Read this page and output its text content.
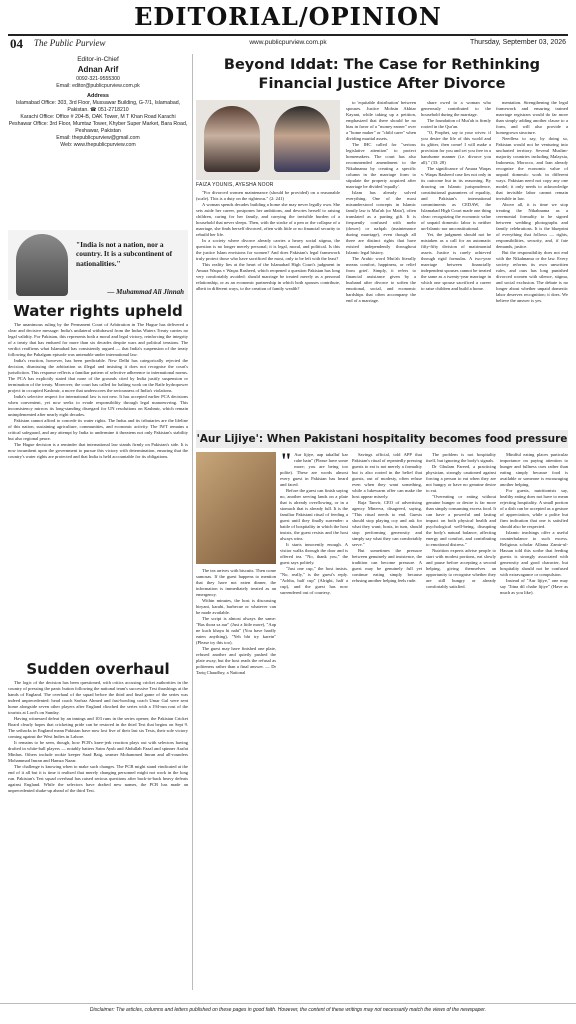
EDITORIAL/OPINION
04 The Public Purview	www.publicpurview.com.pk	Thursday, September 03, 2026

Editor-in-Chief

Adnan Arif

0092-321-9555300

Email: editor@publicpurview.com.pk

Address

Islamabad Office: 303, 3rd Floor, Mussawar Building, G-7/1, Islamabad, Pakistan. ☎ 051-2718210

Karachi Office: Office # 204-B, OAK Tower, M T Khan Road Karachi

Peshawar Office: 3rd Floor, Mumtaz Tower, Khyber Super Market, Bara Road, Peshawar, Pakistan

Email: thepublicpurview@gmail.com

Web: www.thepublicpurview.com

"India is not a nation, nor a country. It is a subcontinent of nationalities."
— Muhammad Ali Jinnah
Water rights upheld

The unanimous ruling by the Permanent Court of Arbitration in The Hague has delivered a clear and decisive message: India's unilateral withdrawal from the Indus Waters Treaty carries no legal validity. For Pakistan, this represents both a moral and legal victory, reinforcing the integrity of a treaty that has endured for more than six decades despite wars and political tensions. The verdict reaffirms what Islamabad has consistently argued — that India's suspension of the treaty following the Pahalgam episode was untenable under international law.

India's reaction, however, has been predictable. New Delhi has categorically rejected the decision, dismissing the arbitration as illegal and insisting it does not recognise the court's jurisdiction. This response reflects a familiar pattern of selective adherence to international norms. The PCA has explicitly stated that none of the grounds cited by India justify suspension or termination of the treaty. Moreover, the court has called for halting work on the Ratle hydropower project in occupied Kashmir, a move that underscores the seriousness of India's violations.

India's selective respect for international law is not new. It has accepted earlier PCA decisions when convenient, yet now seeks to evade responsibility through legal manoeuvring. This inconsistency mirrors its long-standing disregard for UN resolutions on Kashmir, which remain unimplemented after nearly eight decades.

Pakistan cannot afford to concede its water rights. The Indus and its tributaries are the lifeline of this nation, sustaining agriculture, communities, and economic activity. The IWT remains a critical safeguard, and any attempt by India to undermine it threatens not only Pakistan's stability but also regional peace.

The Hague decision is a reminder that international law stands firmly on Pakistan's side. It is now incumbent upon the government to pursue this victory with determination, ensuring that the country's water rights are protected and that India is held accountable for its obligations.

Sudden overhaul

The logic of the decision has been questioned, with critics accusing cricket authorities in the country of pressing the panic button following the national team's successive Test thrashings at the hands of England. The overhaul of the squad before the third and final game of the series was indeed unprecedented: head coach Sarfraz Ahmed and fast-bowling coach Umar Gul were sent home alongside seven other players after England clinched the series with a 194-run rout of the tourists at Lord's on Sunday.

Having witnessed defeat by an innings and 103 runs in the series opener, the Pakistan Cricket Board clearly hopes that cricketing pride can be restored in the third Test that begins on Sept 9. The setbacks in England mean Pakistan have now lost five of their last six Tests, their sole victory coming against the West Indies in Lahore.

It remains to be seen, though, how PCB's knee-jerk reaction plays out with selectors having drafted in white-ball players — notably batters Saim Ayub and Abdullah Fazal and spinner Arafat Minhas. Others include rookie keeper Saad Baig, seamer Mohammed Imran and all-rounders Mohammad Imran and Hamza Nazar.

The challenge is knowing when to make such changes. The PCB might stand vindicated at the end of it all but it is time it realised that merely changing personnel might not work in the long run. Pakistan's Test squad overhaul has raised serious questions after back-to-back heavy defeats against England. While the selectors have drafted new names, the PCB has made an unprecedented shake-up ahead of the third Test.

Beyond Iddat: The Case for Rethinking Financial Justice After Divorce
FAIZA YOUNIS, AYESHA NOOR

"For divorced women maintenance (should be provided) on a reasonable (scale). This is a duty on the righteous." (2: 241)

A woman spends decades building a home she may never legally own. She sets aside her career, postpones her ambitions, and devotes herself to raising children, caring for her family, and carrying the invisible burden of a household that never sleeps. Then, with the stroke of a pen or the collapse of a marriage, she finds herself divorced, often with little or no financial security to rebuild her life.

In a society where divorce already carries a heavy social stigma, the question is no longer merely personal; it is legal, moral, and political. Is this the justice Islam envisions for women? And does Pakistan's legal framework truly protect those who have sacrificed the most, only to be left with the least?

This reality lies at the heart of the Islamabad High Court's judgment in Amara Waqas v Waqas Rasheed, which reopened a question Pakistan has long very comfortably avoided: should marriage be treated merely as a personal relationship, or as an economic partnership in which both spouses contribute, albeit in different ways, to the creation of family wealth?

to 'equitable distribution' between spouses. Justice Mohsin Akhtar Kayani, while taking up a petition, emphasized that there should be no bias in favor of a "money earner" over a "home maker" or "child carer" when dividing marital assets.

The IHC called for "serious legislative attention" to protect homemakers. The court has also recommended amendment to the Nikahnama by creating a specific column in the marriage form to stipulate the property acquired after marriage be divided 'equally'.

Islam has already solved everything. One of the most misunderstood concepts in Islamic family law is Mut'ah (or Mata'), often translated as a parting gift. It is frequently confused with mehr (dower) or nafqah (maintenance during marriage), even though all three are distinct rights that have existed independently throughout Islamic legal history.

The Arabic word Mut'ah literally means comfort, happiness, or relief from grief. Simply, it refers to financial assistance given by a husband after divorce to soften the emotional, social, and economic hardships that often accompany the end of a marriage.

share owed to a woman who generously contributed to the household during the marriage.

The foundation of Mut'ah is firmly rooted in the Qur'an.

"O, Prophet, say to your wives: if you desire the life of this world and its glitter, then come! I will make a provision for you and set you free in a handsome manner (i.e. divorce you all)." (33: 28)

The significance of Amara Waqas v. Waqas Rasheed case lies not only in its outcome but in its reasoning. By drawing on Islamic jurisprudence, constitutional guarantees of equality, and Pakistan's international commitments as CEDAW, the Islamabad High Court made one thing clear: recognizing the economic value of unpaid domestic labor is neither un-Islamic nor unconstitutional.

Yet, the judgment should not be mistaken as a call for an automatic fifty-fifty division of matrimonial assets. Justice is rarely achieved through rigid formulas. A two-year marriage between financially independent spouses cannot be treated the same as a twenty-year marriage in which one spouse sacrificed a career to raise children and build a home.

mentation. Strengthening the legal framework and ensuring trained marriage registrars would do far more than simply adding another clause to a form, and will also provide a homegrown structure.

Needless to say, by doing so, Pakistan would not be venturing into uncharted territory. Several Muslim-majority countries including Malaysia, Indonesia, Morocco, and Iran already recognize the economic value of unpaid domestic work in different ways. Pakistan need not copy any one model; it only needs to acknowledge that invisible labor cannot remain invisible in law.

Above all, it is time we stop treating the Nikahnama as a ceremonial formality to be signed between wedding photographs and family celebrations. It is the blueprint of everything that follows — rights, responsibilities, security, and, if fate demands, justice.

But the responsibility does not end with the Nikahnama or the law. Every society reforms its own unwritten rules, and ours has long punished divorced women with silence, stigma, and social exclusion. The debate is no longer about whether unpaid domestic labor deserves recognition; it does. We believe the answer is yes.

'Aur Lijiye': When Pakistani hospitality becomes food pressure

" Aur lijiye, aap takalluf kar rahe hain" (Please have some more; you are being too polite). These are words almost every guest in Pakistan has heard and faced.

Before the guest can finish saying no, another serving lands on a plate that is already overflowing, or in a stomach that is already full. It is the familiar Pakistani ritual of feeding a guest until they finally surrender: a battle of hospitality in which the host insists, the guest resists and the host always wins.

It starts innocently enough. A visitor walks through the door and is offered tea. "No, thank you," the guest says politely.

"Just one cup," the host insists. "No, really," is the guest's reply. "Achha, half cup" (Alright, half a cup), and the guest has now surrendered out of courtesy.

The tea arrives with biscuits. Then come samosas. If the guest happens to mention that they have not eaten dinner, the information is immediately treated as an emergency.

Within minutes, the host is discussing biryani, karahi, barbecue or whatever can be made available.

The script is almost always the same: "Bas thora sa aur" (Just a little more), "Aap ne kuch khaya hi nahi" (You have hardly eaten anything), "Yeh bhi try karein" (Please try this too).

The guest may have finished one plate, refused another and quietly pushed the plate away, but the host reads the refusal as politeness rather than a final answer. — Dr Tariq Chaudhry, a National

Savings official, told APP that Pakistan's ritual of repeatedly pressing guests to eat is not merely a formality but is also rooted in the belief that guests, out of modesty, often refuse even when they want something, while a lukewarm offer can make the host appear miserly.

Raja Tanvir, CEO of advertising agency Minerva, disagreed, saying, "This ritual needs to end. Guests should stop playing coy and ask for what they want; hosts, in turn, should stop performing generosity and simply say what they can comfortably serve."

But sometimes the pressure between genuinely and insistence, the tradition can become pressure. A guest may be genuinely full yet continue eating simply because refusing another helping feels rude.

The problem is not hospitality itself, but ignoring the body's signals.

Dr Ghulam Fareed, a practicing physician, strongly cautioned against forcing a person to eat when they are not hungry or have no genuine desire to eat.

"Overeating or eating without genuine hunger or desire is far more than simply consuming excess food. It can have a powerful and lasting impact on both physical health and psychological well-being, disrupting the body's natural balance, affecting energy and comfort, and contributing to emotional distress."

Nutrition experts advise people to start with modest portions, eat slowly and pause before accepting a second helping, giving themselves an opportunity to recognise whether they are still hungry or already comfortably satisfied.

Mindful eating places particular importance on paying attention to hunger and fullness cues rather than eating simply because food is available or someone is encouraging another helping.

For guests, nutritionists say, healthy eating does not have to mean rejecting hospitality. A small portion of a dish can be accepted as a gesture of appreciation, while a polite but firm indication that one is satisfied should also be respected.

Islamic teachings offer a useful counterbalance to such excess. Religious scholar Allama Zamir-ul-Hassan told this scribe that feeding guests is strongly associated with generosity and good character, but hospitality should not be confused with extravagance or compulsion.

Instead of "Aur lijiye," one may say "Jitna dil chahe lijiye" (Have as much as you like).

Disclaimer: The articles, columns and letters published on these pages in good faith. However, the content of these writings may not necessarily match the views of the newspaper.
